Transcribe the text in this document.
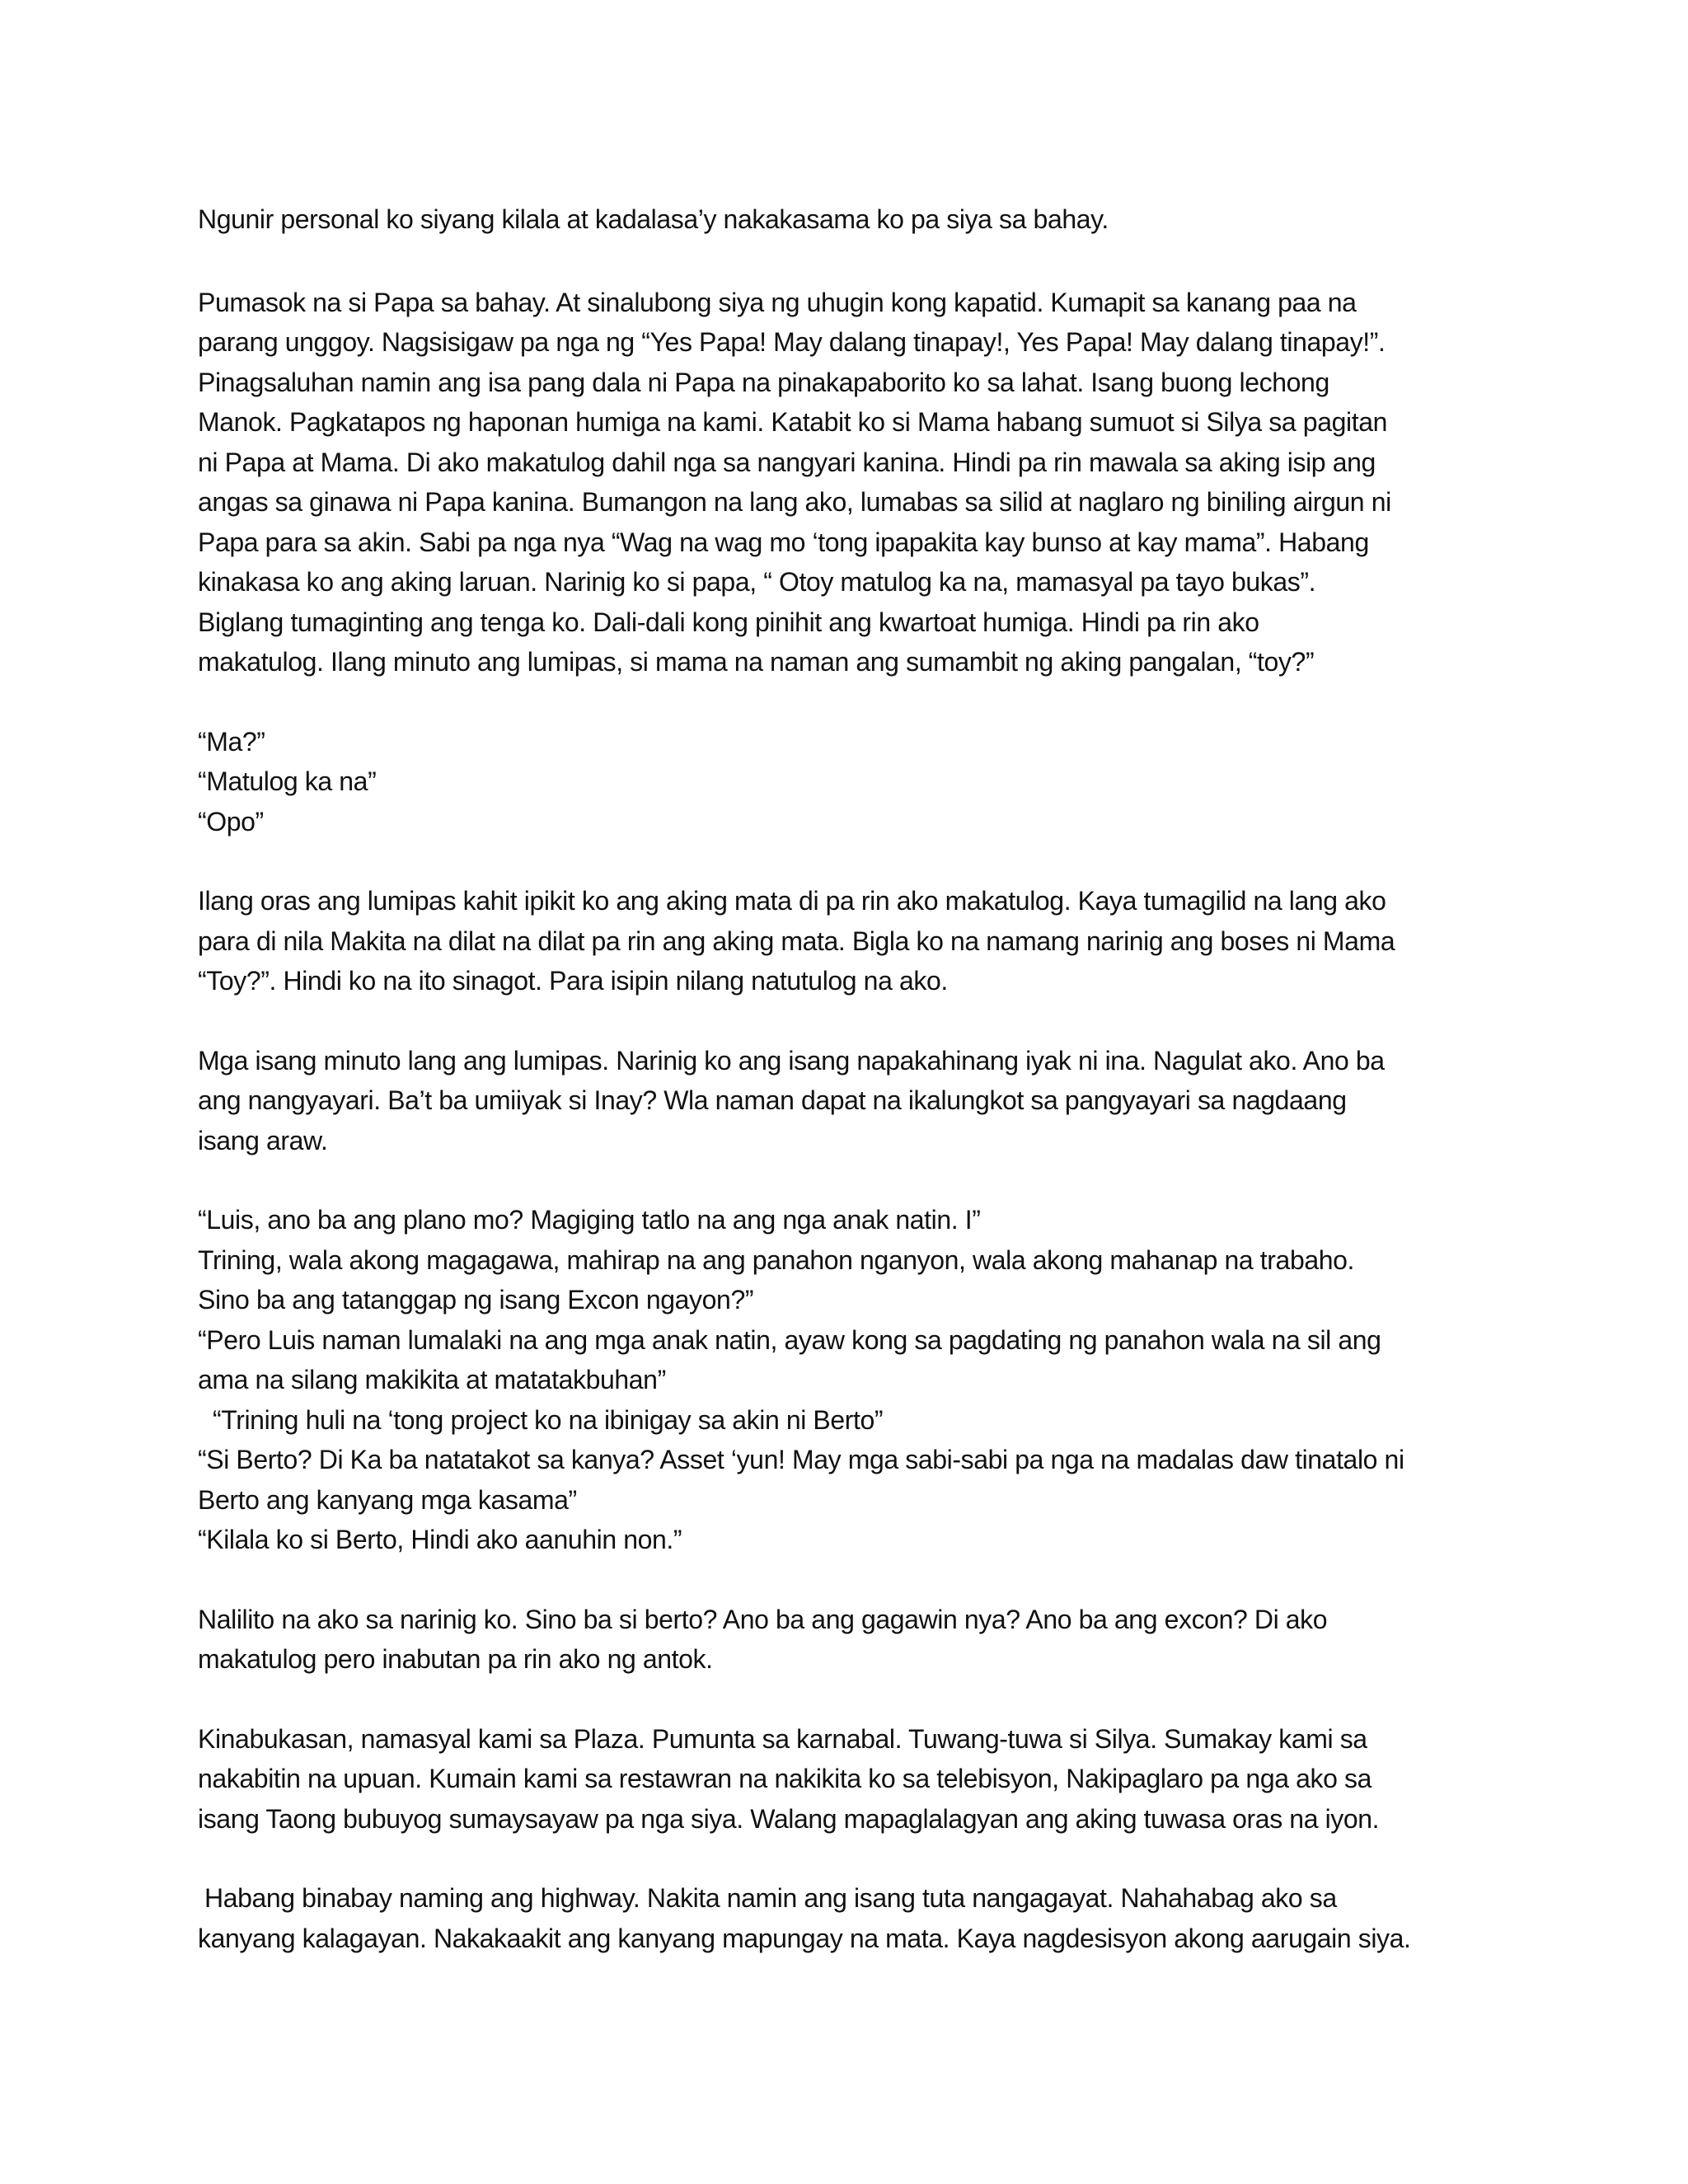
Ngunir personal ko siyang kilala at kadalasa’y nakakasama ko pa siya sa bahay.

Pumasok na si Papa sa bahay. At sinalubong siya ng uhugin kong kapatid. Kumapit sa kanang paa na
parang unggoy. Nagsisigaw pa nga ng “Yes Papa! May dalang tinapay!, Yes Papa! May dalang tinapay!”.
Pinagsaluhan namin ang isa pang dala ni Papa na pinakapaborito ko sa lahat. Isang buong lechong
Manok. Pagkatapos ng haponan humiga na kami. Katabit ko si Mama habang sumuot si Silya sa pagitan
ni Papa at Mama. Di ako makatulog dahil nga sa nangyari kanina. Hindi pa rin mawala sa aking isip ang
angas sa ginawa ni Papa kanina. Bumangon na lang ako, lumabas sa silid at naglaro ng biniling airgun ni
Papa para sa akin. Sabi pa nga nya “Wag na wag mo ‘tong ipapakita kay bunso at kay mama”. Habang
kinakasa ko ang aking laruan. Narinig ko si papa, “ Otoy matulog ka na, mamasyal pa tayo bukas”.
Biglang tumaginting ang tenga ko. Dali-dali kong pinihit ang kwartoat humiga. Hindi pa rin ako
makatulog. Ilang minuto ang lumipas, si mama na naman ang sumambit ng aking pangalan, “toy?”

“Ma?”
“Matulog ka na”
“Opo”

Ilang oras ang lumipas kahit ipikit ko ang aking mata di pa rin ako makatulog. Kaya tumagilid na lang ako
para di nila Makita na dilat na dilat pa rin ang aking mata. Bigla ko na namang narinig ang boses ni Mama
“Toy?”. Hindi ko na ito sinagot. Para isipin nilang natutulog na ako.

Mga isang minuto lang ang lumipas. Narinig ko ang isang napakahinang iyak ni ina. Nagulat ako. Ano ba
ang nangyayari. Ba’t ba umiiyak si Inay? Wla naman dapat na ikalungkot sa pangyayari sa nagdaang
isang araw.

“Luis, ano ba ang plano mo? Magiging tatlo na ang nga anak natin. I”
Trining, wala akong magagawa, mahirap na ang panahon nganyon, wala akong mahanap na trabaho.
Sino ba ang tatanggap ng isang Excon ngayon?”
“Pero Luis naman lumalaki na ang mga anak natin, ayaw kong sa pagdating ng panahon wala na sil ang
ama na silang makikita at matatakbuhan”
“Trining huli na ‘tong project ko na ibinigay sa akin ni Berto”
“Si Berto? Di Ka ba natatakot sa kanya? Asset ‘yun! May mga sabi-sabi pa nga na madalas daw tinatalo ni
Berto ang kanyang mga kasama”
“Kilala ko si Berto, Hindi ako aanuhin non.”

Nalilito na ako sa narinig ko. Sino ba si berto? Ano ba ang gagawin nya? Ano ba ang excon? Di ako
makatulog pero inabutan pa rin ako ng antok.

Kinabukasan, namasyal kami sa Plaza. Pumunta sa karnabal. Tuwang-tuwa si Silya. Sumakay kami sa
nakabitin na upuan. Kumain kami sa restawran na nakikita ko sa telebisyon, Nakipaglaro pa nga ako sa
isang Taong bubuyog sumaysayaw pa nga siya. Walang mapaglalagyan ang aking tuwasa oras na iyon.

Habang binabay naming ang highway. Nakita namin ang isang tuta nangagayat. Nahahabag ako sa
kanyang kalagayan. Nakakaakit ang kanyang mapungay na mata. Kaya nagdesisyon akong aarugain siya.
